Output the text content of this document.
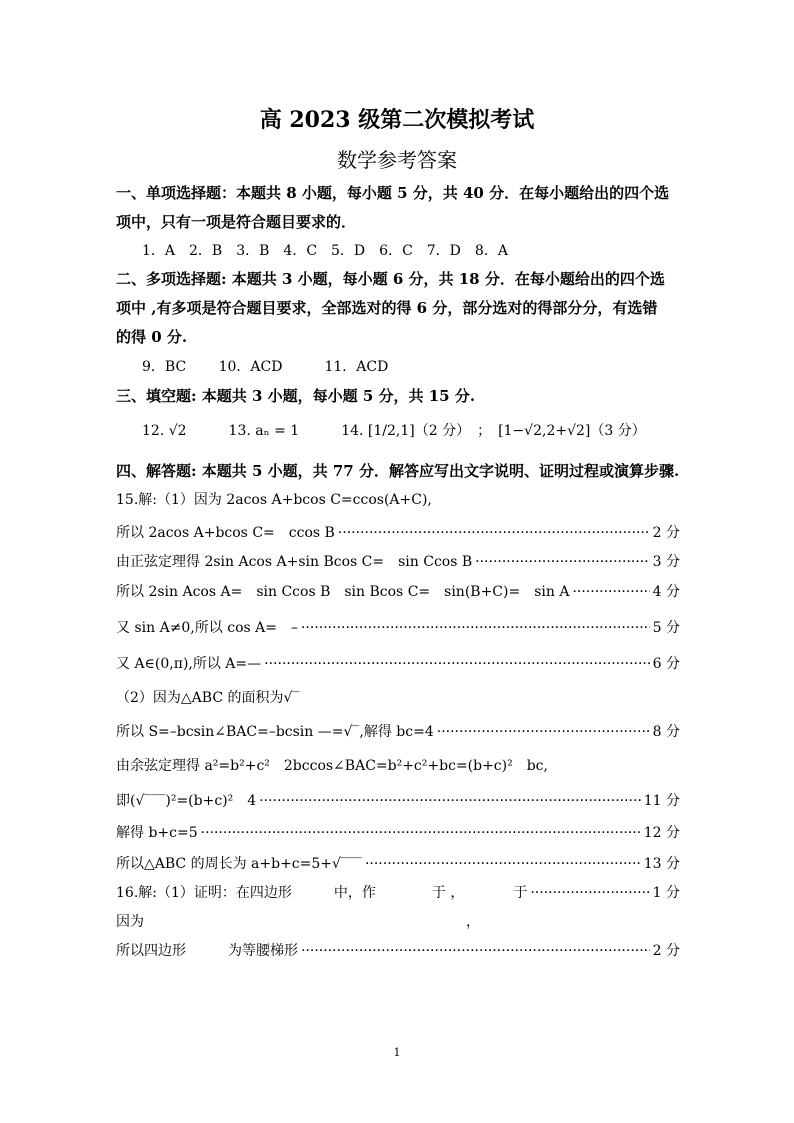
高 2023 级第二次模拟考试
数学参考答案
一、单项选择题：本题共 8 小题，每小题 5 分，共 40 分．在每小题给出的四个选
项中，只有一项是符合题目要求的．
1．A　2．B　3．B　4．C　5．D　6．C　7．D　8．A
二、多项选择题: 本题共 3 小题，每小题 6 分，共 18 分．在每小题给出的四个选
项中 ,有多项是符合题目要求，全部选对的得 6 分，部分选对的得部分分，有选错
的得 0 分.
9．BC　　 10．ACD　　　11．ACD
三、填空题: 本题共 3 小题，每小题 5 分，共 15 分.
12. √2　　　13. aₙ = 1　　　14. [1/2,1]（2 分）　；　[1−√2,2+√2]（3 分）
四、解答题: 本题共 5 小题，共 77 分．解答应写出文字说明、证明过程或演算步骤.
15.解:（1）因为 2acos A+bcos C=ccos(A+C),
所以 2acos A+bcos C=　ccos B ·····	2 分
由正弦定理得 2sin Acos A+sin Bcos C=　sin Ccos B ·····	3 分
所以 2sin Acos A=　sin Ccos B　sin Bcos C=　sin(B+C)=　sin A ·····	4 分
又 sin A≠0,所以 cos A=　– ·····	5 分
又 A∈(0,π),所以 A=— ·····	6 分
（2）因为△ABC 的面积为√‾
所以 S=–bcsin∠BAC=–bcsin —=√‾,解得 bc=4 ·····	8 分
由余弦定理得 a²=b²+c²　2bccos∠BAC=b²+c²+bc=(b+c)²　bc,
即(√‾‾‾)²=(b+c)²　4 ·····	11 分
解得 b+c=5 ·····	12 分
所以△ABC 的周长为 a+b+c=5+√‾‾‾ ·····	13 分
16.解:（1）证明：在四边形　　　中，作　　　　于 ，　　　　于 ·····	1 分
因为　　　　　　　　　　　　　　　　　　　　　　　，
所以四边形　　　为等腰梯形 ·····	2 分
1
